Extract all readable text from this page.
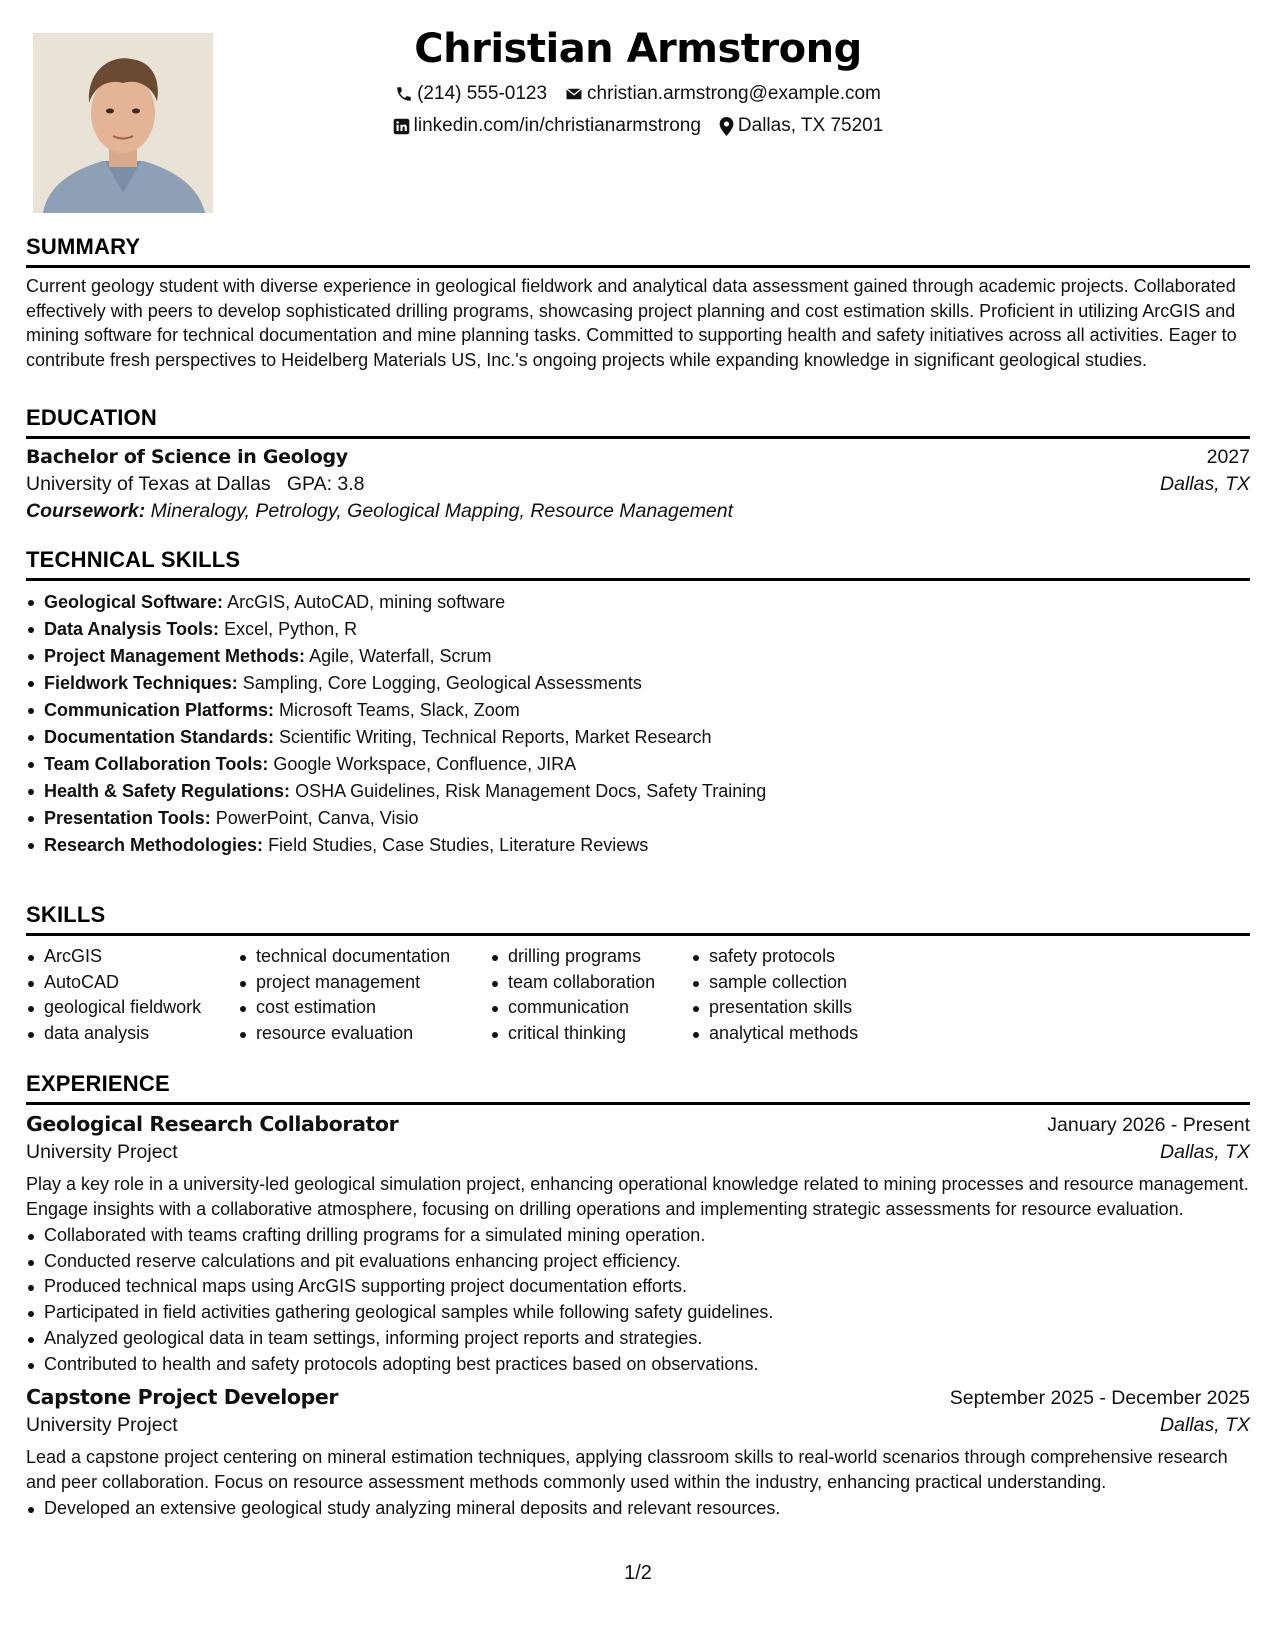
Christian Armstrong
(214) 555-0123 christian.armstrong@example.com
linkedin.com/in/christianarmstrong Dallas, TX 75201
SUMMARY
Current geology student with diverse experience in geological fieldwork and analytical data assessment gained through academic projects. Collaborated effectively with peers to develop sophisticated drilling programs, showcasing project planning and cost estimation skills. Proficient in utilizing ArcGIS and mining software for technical documentation and mine planning tasks. Committed to supporting health and safety initiatives across all activities. Eager to contribute fresh perspectives to Heidelberg Materials US, Inc.'s ongoing projects while expanding knowledge in significant geological studies.
EDUCATION
Bachelor of Science in Geology	2027
University of Texas at Dallas GPA: 3.8	Dallas, TX
Coursework: Mineralogy, Petrology, Geological Mapping, Resource Management
TECHNICAL SKILLS
Geological Software: ArcGIS, AutoCAD, mining software
Data Analysis Tools: Excel, Python, R
Project Management Methods: Agile, Waterfall, Scrum
Fieldwork Techniques: Sampling, Core Logging, Geological Assessments
Communication Platforms: Microsoft Teams, Slack, Zoom
Documentation Standards: Scientific Writing, Technical Reports, Market Research
Team Collaboration Tools: Google Workspace, Confluence, JIRA
Health & Safety Regulations: OSHA Guidelines, Risk Management Docs, Safety Training
Presentation Tools: PowerPoint, Canva, Visio
Research Methodologies: Field Studies, Case Studies, Literature Reviews
SKILLS
ArcGIS
AutoCAD
geological fieldwork
data analysis
technical documentation
project management
cost estimation
resource evaluation
drilling programs
team collaboration
communication
critical thinking
safety protocols
sample collection
presentation skills
analytical methods
EXPERIENCE
Geological Research Collaborator	January 2026 - Present
University Project	Dallas, TX
Play a key role in a university-led geological simulation project, enhancing operational knowledge related to mining processes and resource management. Engage insights with a collaborative atmosphere, focusing on drilling operations and implementing strategic assessments for resource evaluation.
Collaborated with teams crafting drilling programs for a simulated mining operation.
Conducted reserve calculations and pit evaluations enhancing project efficiency.
Produced technical maps using ArcGIS supporting project documentation efforts.
Participated in field activities gathering geological samples while following safety guidelines.
Analyzed geological data in team settings, informing project reports and strategies.
Contributed to health and safety protocols adopting best practices based on observations.
Capstone Project Developer	September 2025 - December 2025
University Project	Dallas, TX
Lead a capstone project centering on mineral estimation techniques, applying classroom skills to real-world scenarios through comprehensive research and peer collaboration. Focus on resource assessment methods commonly used within the industry, enhancing practical understanding.
Developed an extensive geological study analyzing mineral deposits and relevant resources.
1/2
